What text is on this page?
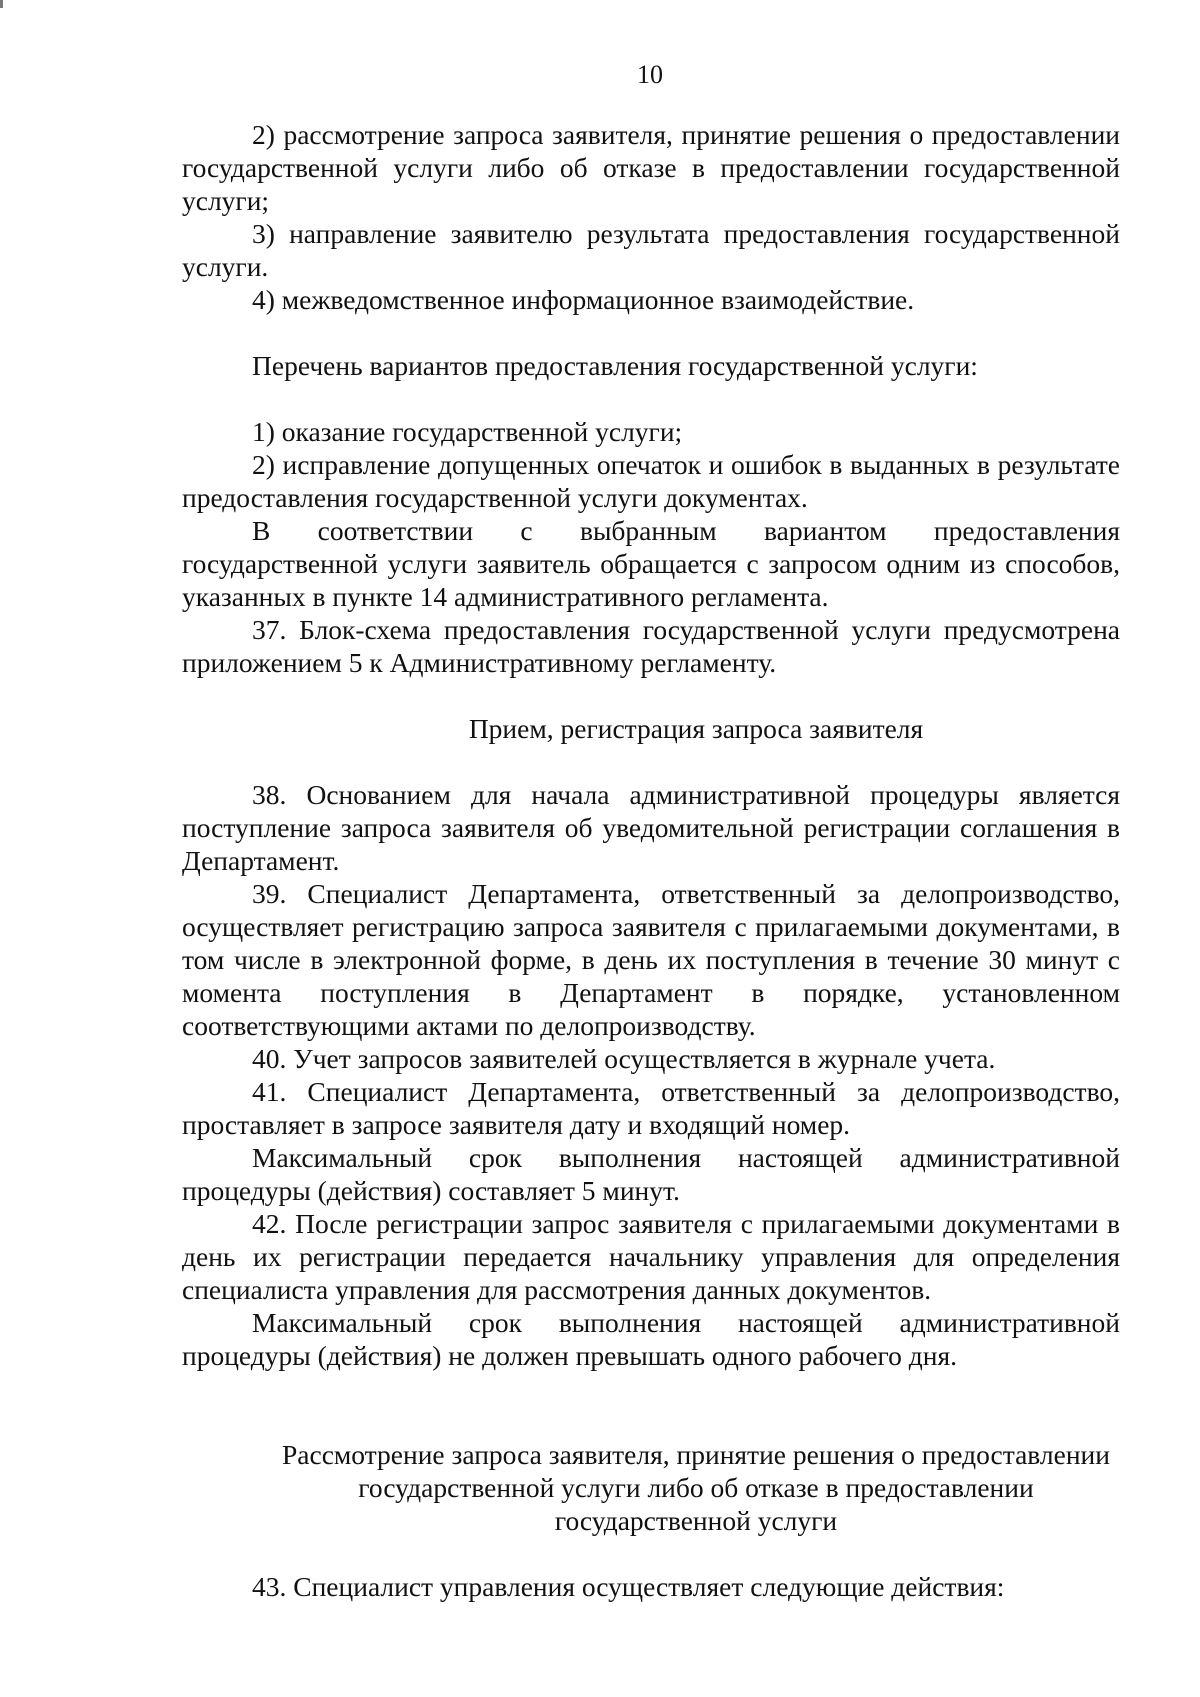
10

2) рассмотрение запроса заявителя, принятие решения о предоставлении государственной услуги либо об отказе в предоставлении государственной услуги;

3) направление заявителю результата предоставления государственной услуги.

4) межведомственное информационное взаимодействие.

Перечень вариантов предоставления государственной услуги:

1) оказание государственной услуги;

2) исправление допущенных опечаток и ошибок в выданных в результате предоставления государственной услуги документах.

В соответствии с выбранным вариантом предоставления государственной услуги заявитель обращается с запросом одним из способов, указанных в пункте 14 административного регламента.

37. Блок-схема предоставления государственной услуги предусмотрена приложением 5 к Административному регламенту.

Прием, регистрация запроса заявителя

38. Основанием для начала административной процедуры является поступление запроса заявителя об уведомительной регистрации соглашения в Департамент.

39. Специалист Департамента, ответственный за делопроизводство, осуществляет регистрацию запроса заявителя с прилагаемыми документами, в том числе в электронной форме, в день их поступления в течение 30 минут с момента поступления в Департамент в порядке, установленном соответствующими актами по делопроизводству.

40. Учет запросов заявителей осуществляется в журнале учета.

41. Специалист Департамента, ответственный за делопроизводство, проставляет в запросе заявителя дату и входящий номер.

Максимальный срок выполнения настоящей административной процедуры (действия) составляет 5 минут.

42. После регистрации запрос заявителя с прилагаемыми документами в день их регистрации передается начальнику управления для определения специалиста управления для рассмотрения данных документов.

Максимальный срок выполнения настоящей административной процедуры (действия) не должен превышать одного рабочего дня.

Рассмотрение запроса заявителя, принятие решения о предоставлении

государственной услуги либо об отказе в предоставлении

государственной услуги

43. Специалист управления осуществляет следующие действия:
